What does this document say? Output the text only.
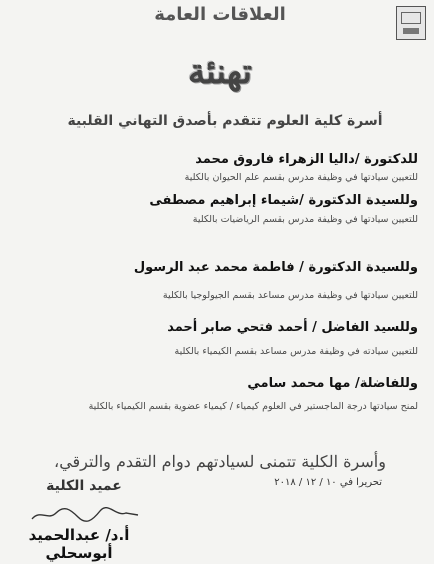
العلاقات العامة
تهنئة
أسرة كلية العلوم تتقدم بأصدق التهاني القلبية
للدكتورة /داليا الزهراء فاروق محمد
للتعيين سيادتها في وظيفة مدرس بقسم علم الحيوان بالكلية
وللسيدة الدكتورة /شيماء إبراهيم مصطفى
للتعيين سيادتها في وظيفة مدرس بقسم الرياضيات بالكلية
وللسيدة الدكتورة / فاطمة محمد عبد الرسول
للتعيين سيادتها في وظيفة مدرس مساعد بقسم الجيولوجيا بالكلية
وللسيد الفاضل / أحمد فتحي صابر أحمد
للتعيين سيادته في وظيفة مدرس مساعد بقسم الكيمياء بالكلية
وللفاضلة/ مها محمد سامي
لمنح سيادتها درجة الماجستير في العلوم كيمياء / كيمياء عضوية بقسم الكيمياء بالكلية
وأسرة الكلية تتمنى لسيادتهم دوام التقدم والترقي،
تحريرا في ١٠ / ١٢ / ٢٠١٨
عميد الكلية
أ.د/ عبدالحميد أبوسحلي
